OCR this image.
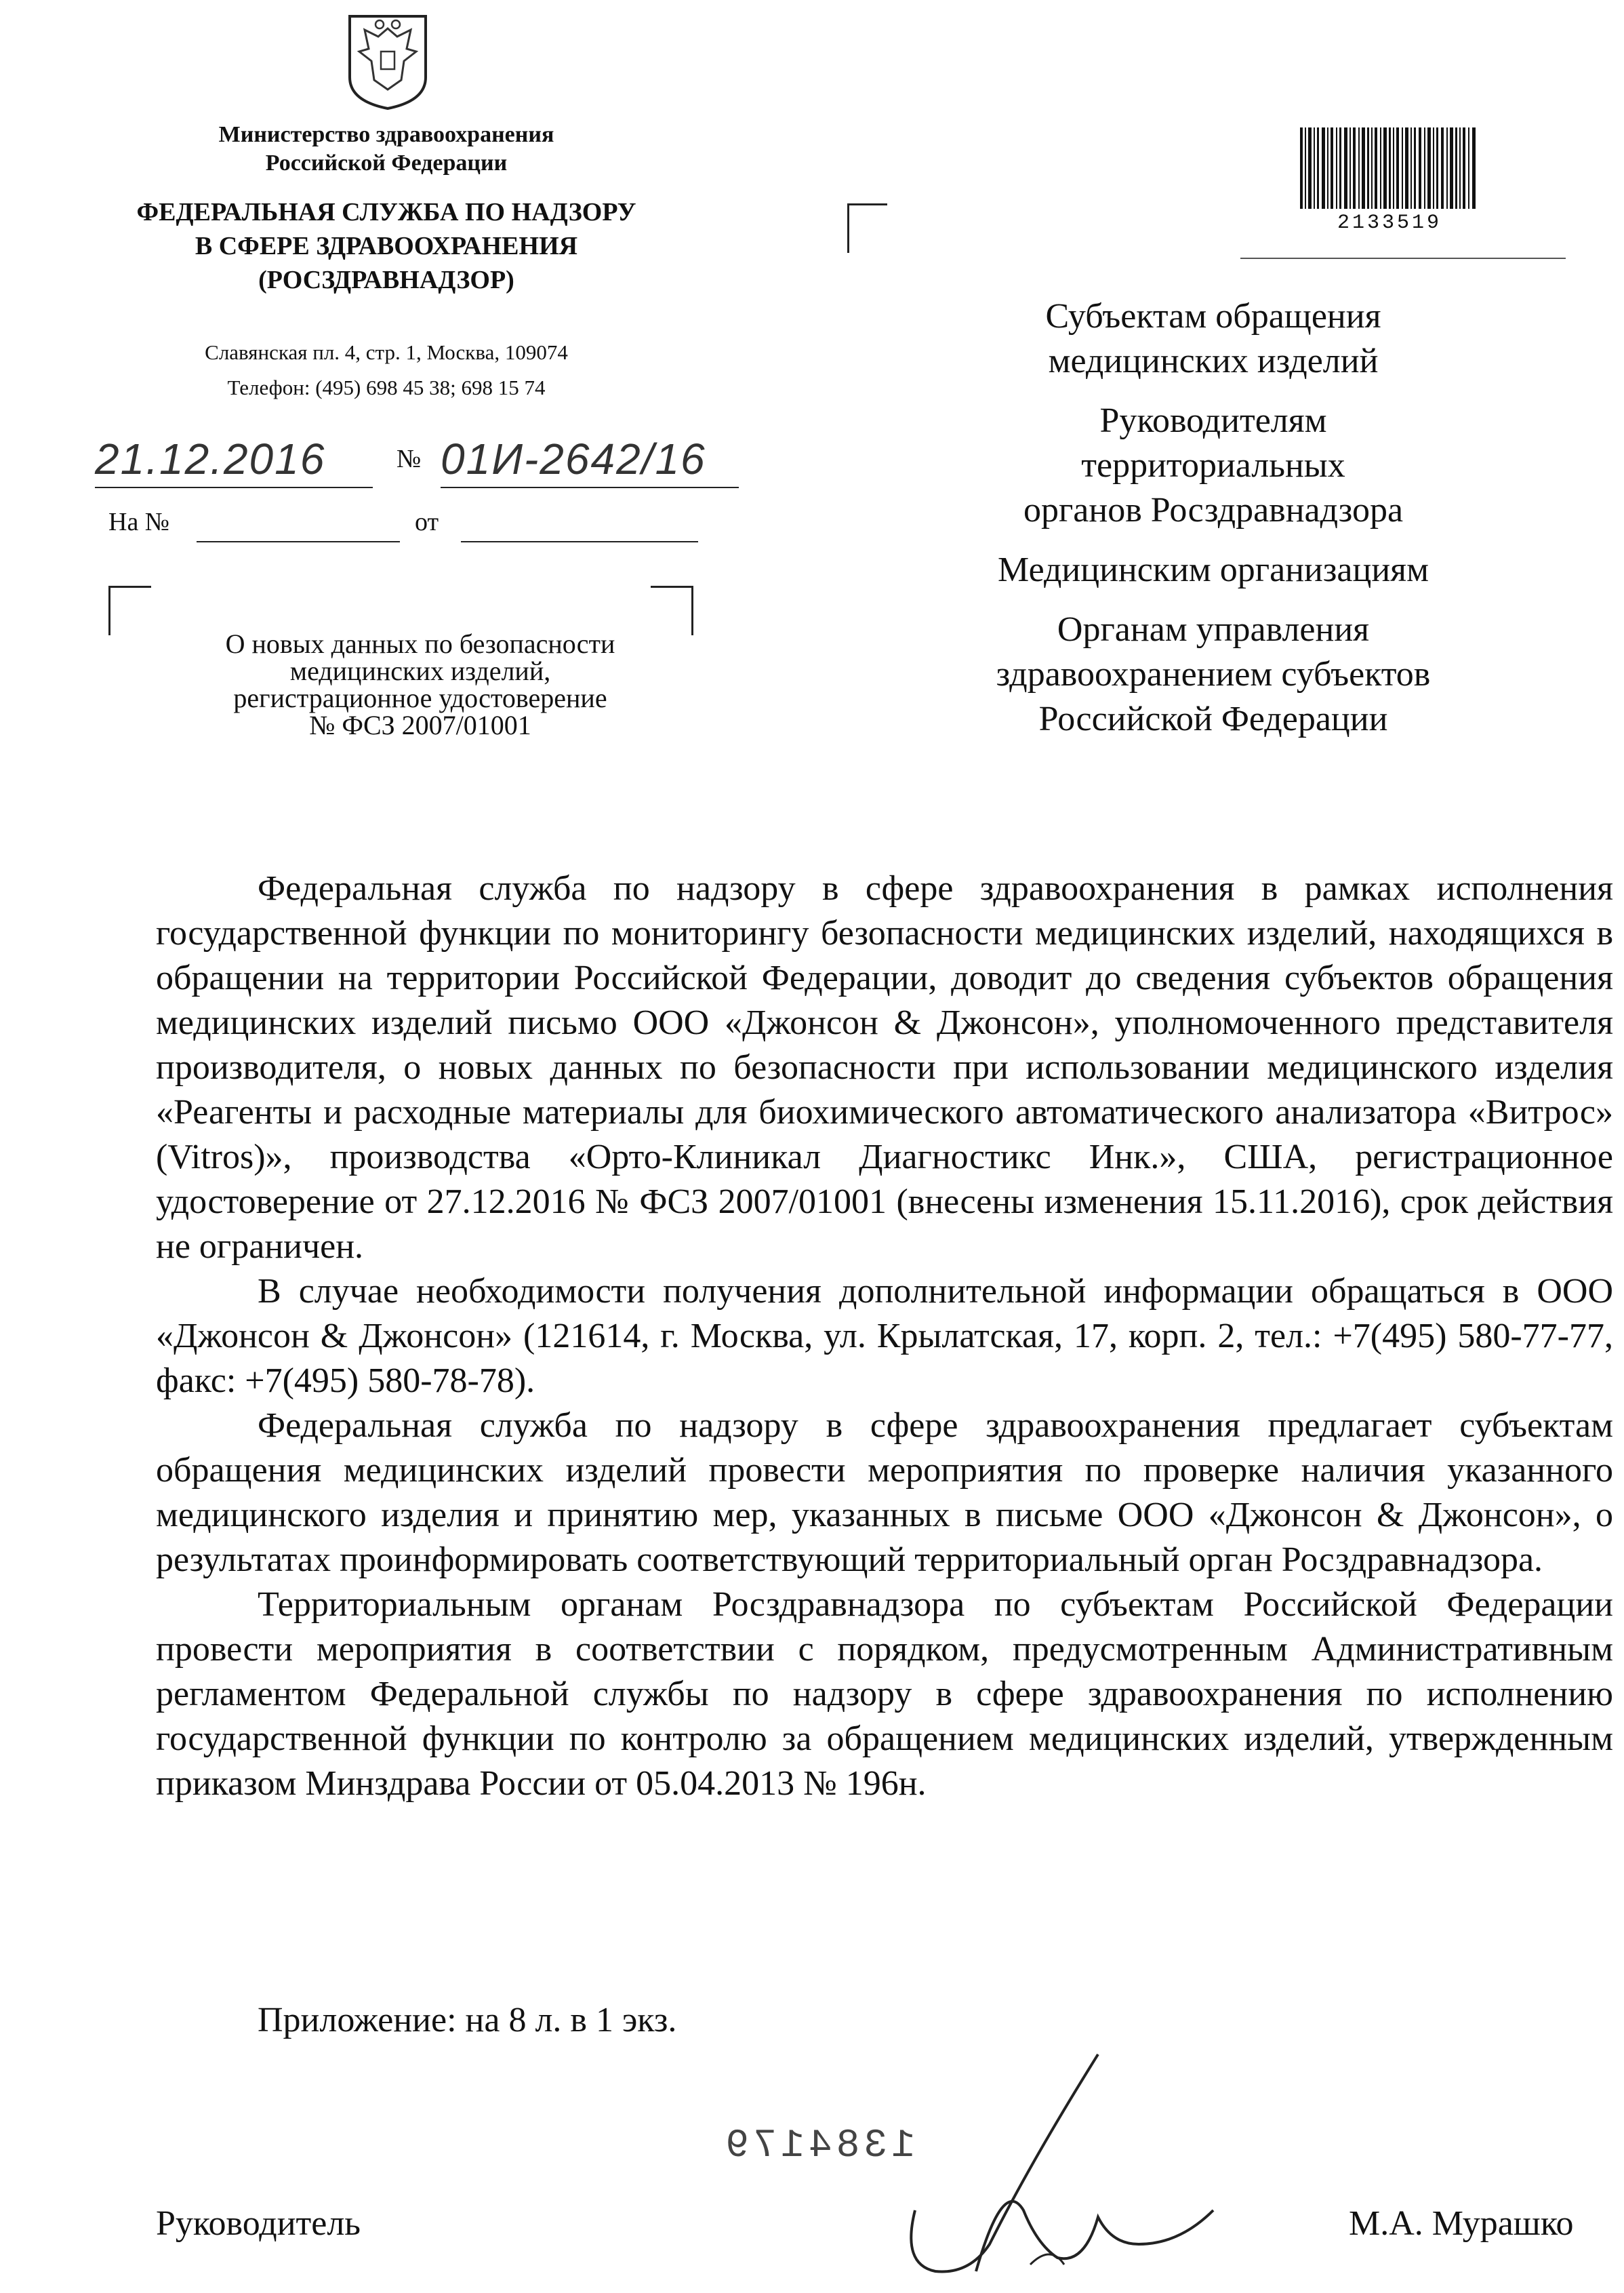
Министерство здравоохранения
Российской Федерации
ФЕДЕРАЛЬНАЯ СЛУЖБА ПО НАДЗОРУ
В СФЕРЕ ЗДРАВООХРАНЕНИЯ
(РОСЗДРАВНАДЗОР)
Славянская пл. 4, стр. 1, Москва, 109074
Телефон: (495) 698 45 38; 698 15 74
21.12.2016	№ 01И-2642/16
На №	от
О новых данных по безопасности
медицинских изделий,
регистрационное удостоверение
№ ФСЗ 2007/01001
2133519
Субъектам обращения
медицинских изделий
Руководителям
территориальных
органов Росздравнадзора
Медицинским организациям
Органам управления
здравоохранением субъектов
Российской Федерации

Федеральная служба по надзору в сфере здравоохранения в рамках исполнения государственной функции по мониторингу безопасности медицинских изделий, находящихся в обращении на территории Российской Федерации, доводит до сведения субъектов обращения медицинских изделий письмо ООО «Джонсон & Джонсон», уполномоченного представителя производителя, о новых данных по безопасности при использовании медицинского изделия «Реагенты и расходные материалы для биохимического автоматического анализатора «Витрос» (Vitros)», производства «Орто-Клиникал Диагностикс Инк.», США, регистрационное удостоверение от 27.12.2016 № ФСЗ 2007/01001 (внесены изменения 15.11.2016), срок действия не ограничен.

В случае необходимости получения дополнительной информации обращаться в ООО «Джонсон & Джонсон» (121614, г. Москва, ул. Крылатская, 17, корп. 2, тел.: +7(495) 580-77-77, факс: +7(495) 580-78-78).

Федеральная служба по надзору в сфере здравоохранения предлагает субъектам обращения медицинских изделий провести мероприятия по проверке наличия указанного медицинского изделия и принятию мер, указанных в письме ООО «Джонсон & Джонсон», о результатах проинформировать соответствующий территориальный орган Росздравнадзора.

Территориальным органам Росздравнадзора по субъектам Российской Федерации провести мероприятия в соответствии с порядком, предусмотренным Административным регламентом Федеральной службы по надзору в сфере здравоохранения по исполнению государственной функции по контролю за обращением медицинских изделий, утвержденным приказом Минздрава России от 05.04.2013 № 196н.

Приложение: на 8 л. в 1 экз.
1384179
Руководитель	М.А. Мурашко
